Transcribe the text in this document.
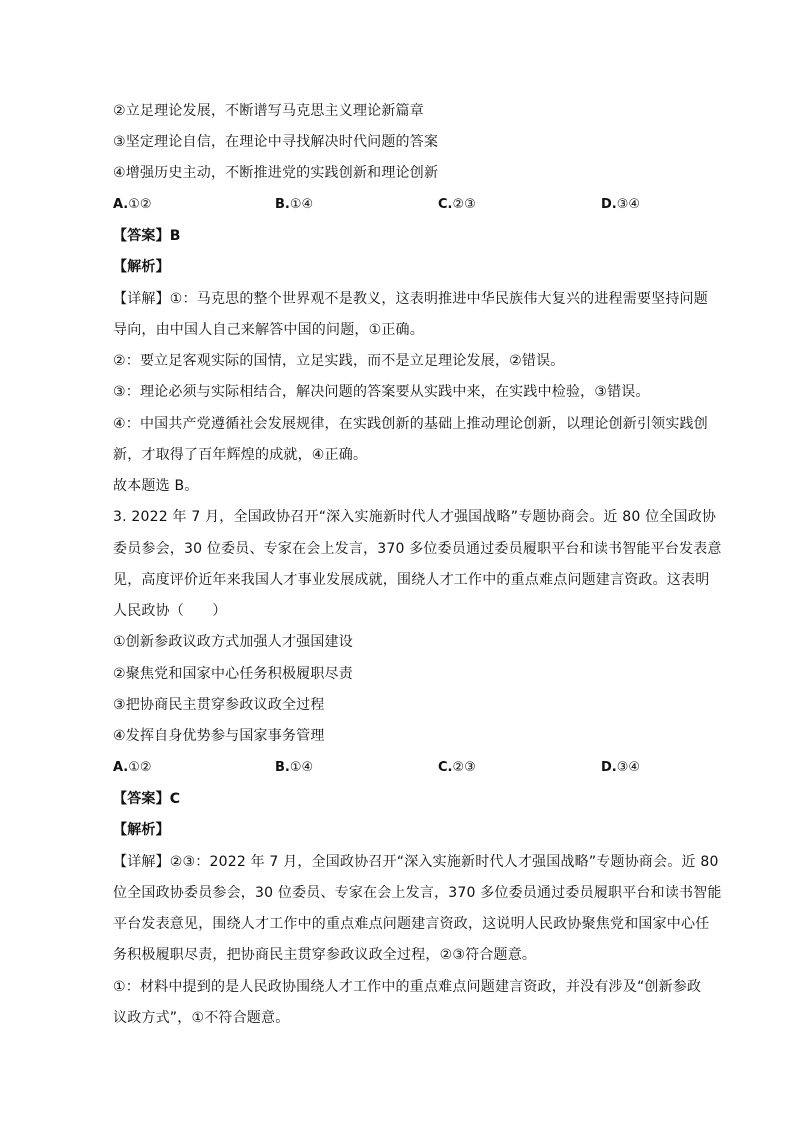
②立足理论发展，不断谱写马克思主义理论新篇章
③坚定理论自信，在理论中寻找解决时代问题的答案
④增强历史主动，不断推进党的实践创新和理论创新
A.①②	B.①④	C.②③	D.③④
【答案】B
【解析】
【详解】①：马克思的整个世界观不是教义，这表明推进中华民族伟大复兴的进程需要坚持问题
导向，由中国人自己来解答中国的问题，①正确。
②：要立足客观实际的国情，立足实践，而不是立足理论发展，②错误。
③：理论必须与实际相结合，解决问题的答案要从实践中来，在实践中检验，③错误。
④：中国共产党遵循社会发展规律，在实践创新的基础上推动理论创新，以理论创新引领实践创
新，才取得了百年辉煌的成就，④正确。
故本题选 B。
3. 2022 年 7 月，全国政协召开“深入实施新时代人才强国战略”专题协商会。近 80 位全国政协
委员参会，30 位委员、专家在会上发言，370 多位委员通过委员履职平台和读书智能平台发表意
见，高度评价近年来我国人才事业发展成就，围绕人才工作中的重点难点问题建言资政。这表明
人民政协（　　）
①创新参政议政方式加强人才强国建设
②聚焦党和国家中心任务积极履职尽责
③把协商民主贯穿参政议政全过程
④发挥自身优势参与国家事务管理
A.①②	B.①④	C.②③	D.③④
【答案】C
【解析】
【详解】②③：2022 年 7 月，全国政协召开“深入实施新时代人才强国战略”专题协商会。近 80
位全国政协委员参会，30 位委员、专家在会上发言，370 多位委员通过委员履职平台和读书智能
平台发表意见，围绕人才工作中的重点难点问题建言资政，这说明人民政协聚焦党和国家中心任
务积极履职尽责，把协商民主贯穿参政议政全过程，②③符合题意。
①：材料中提到的是人民政协围绕人才工作中的重点难点问题建言资政，并没有涉及“创新参政
议政方式”，①不符合题意。
